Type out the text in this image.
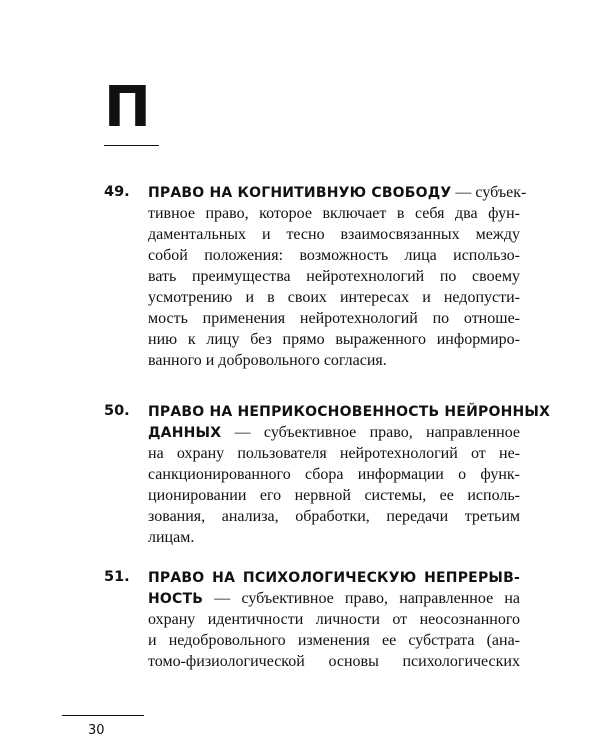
П
49. ПРАВО НА КОГНИТИВНУЮ СВОБОДУ — субъек-
тивное право, которое включает в себя два фун-
даментальных и тесно взаимосвязанных между
собой положения: возможность лица использо-
вать преимущества нейротехнологий по своему
усмотрению и в своих интересах и недопусти-
мость применения нейротехнологий по отноше-
нию к лицу без прямо выраженного информиро-
ванного и добровольного согласия.
50. ПРАВО НА НЕПРИКОСНОВЕННОСТЬ НЕЙРОННЫХ
ДАННЫХ — субъективное право, направленное
на охрану пользователя нейротехнологий от не-
санкционированного сбора информации о функ-
ционировании его нервной системы, ее исполь-
зования, анализа, обработки, передачи третьим
лицам.
51. ПРАВО НА ПСИХОЛОГИЧЕСКУЮ НЕПРЕРЫВ-
НОСТЬ — субъективное право, направленное на
охрану идентичности личности от неосознанного
и недобровольного изменения ее субстрата (ана-
томо-физиологической основы психологических
30
